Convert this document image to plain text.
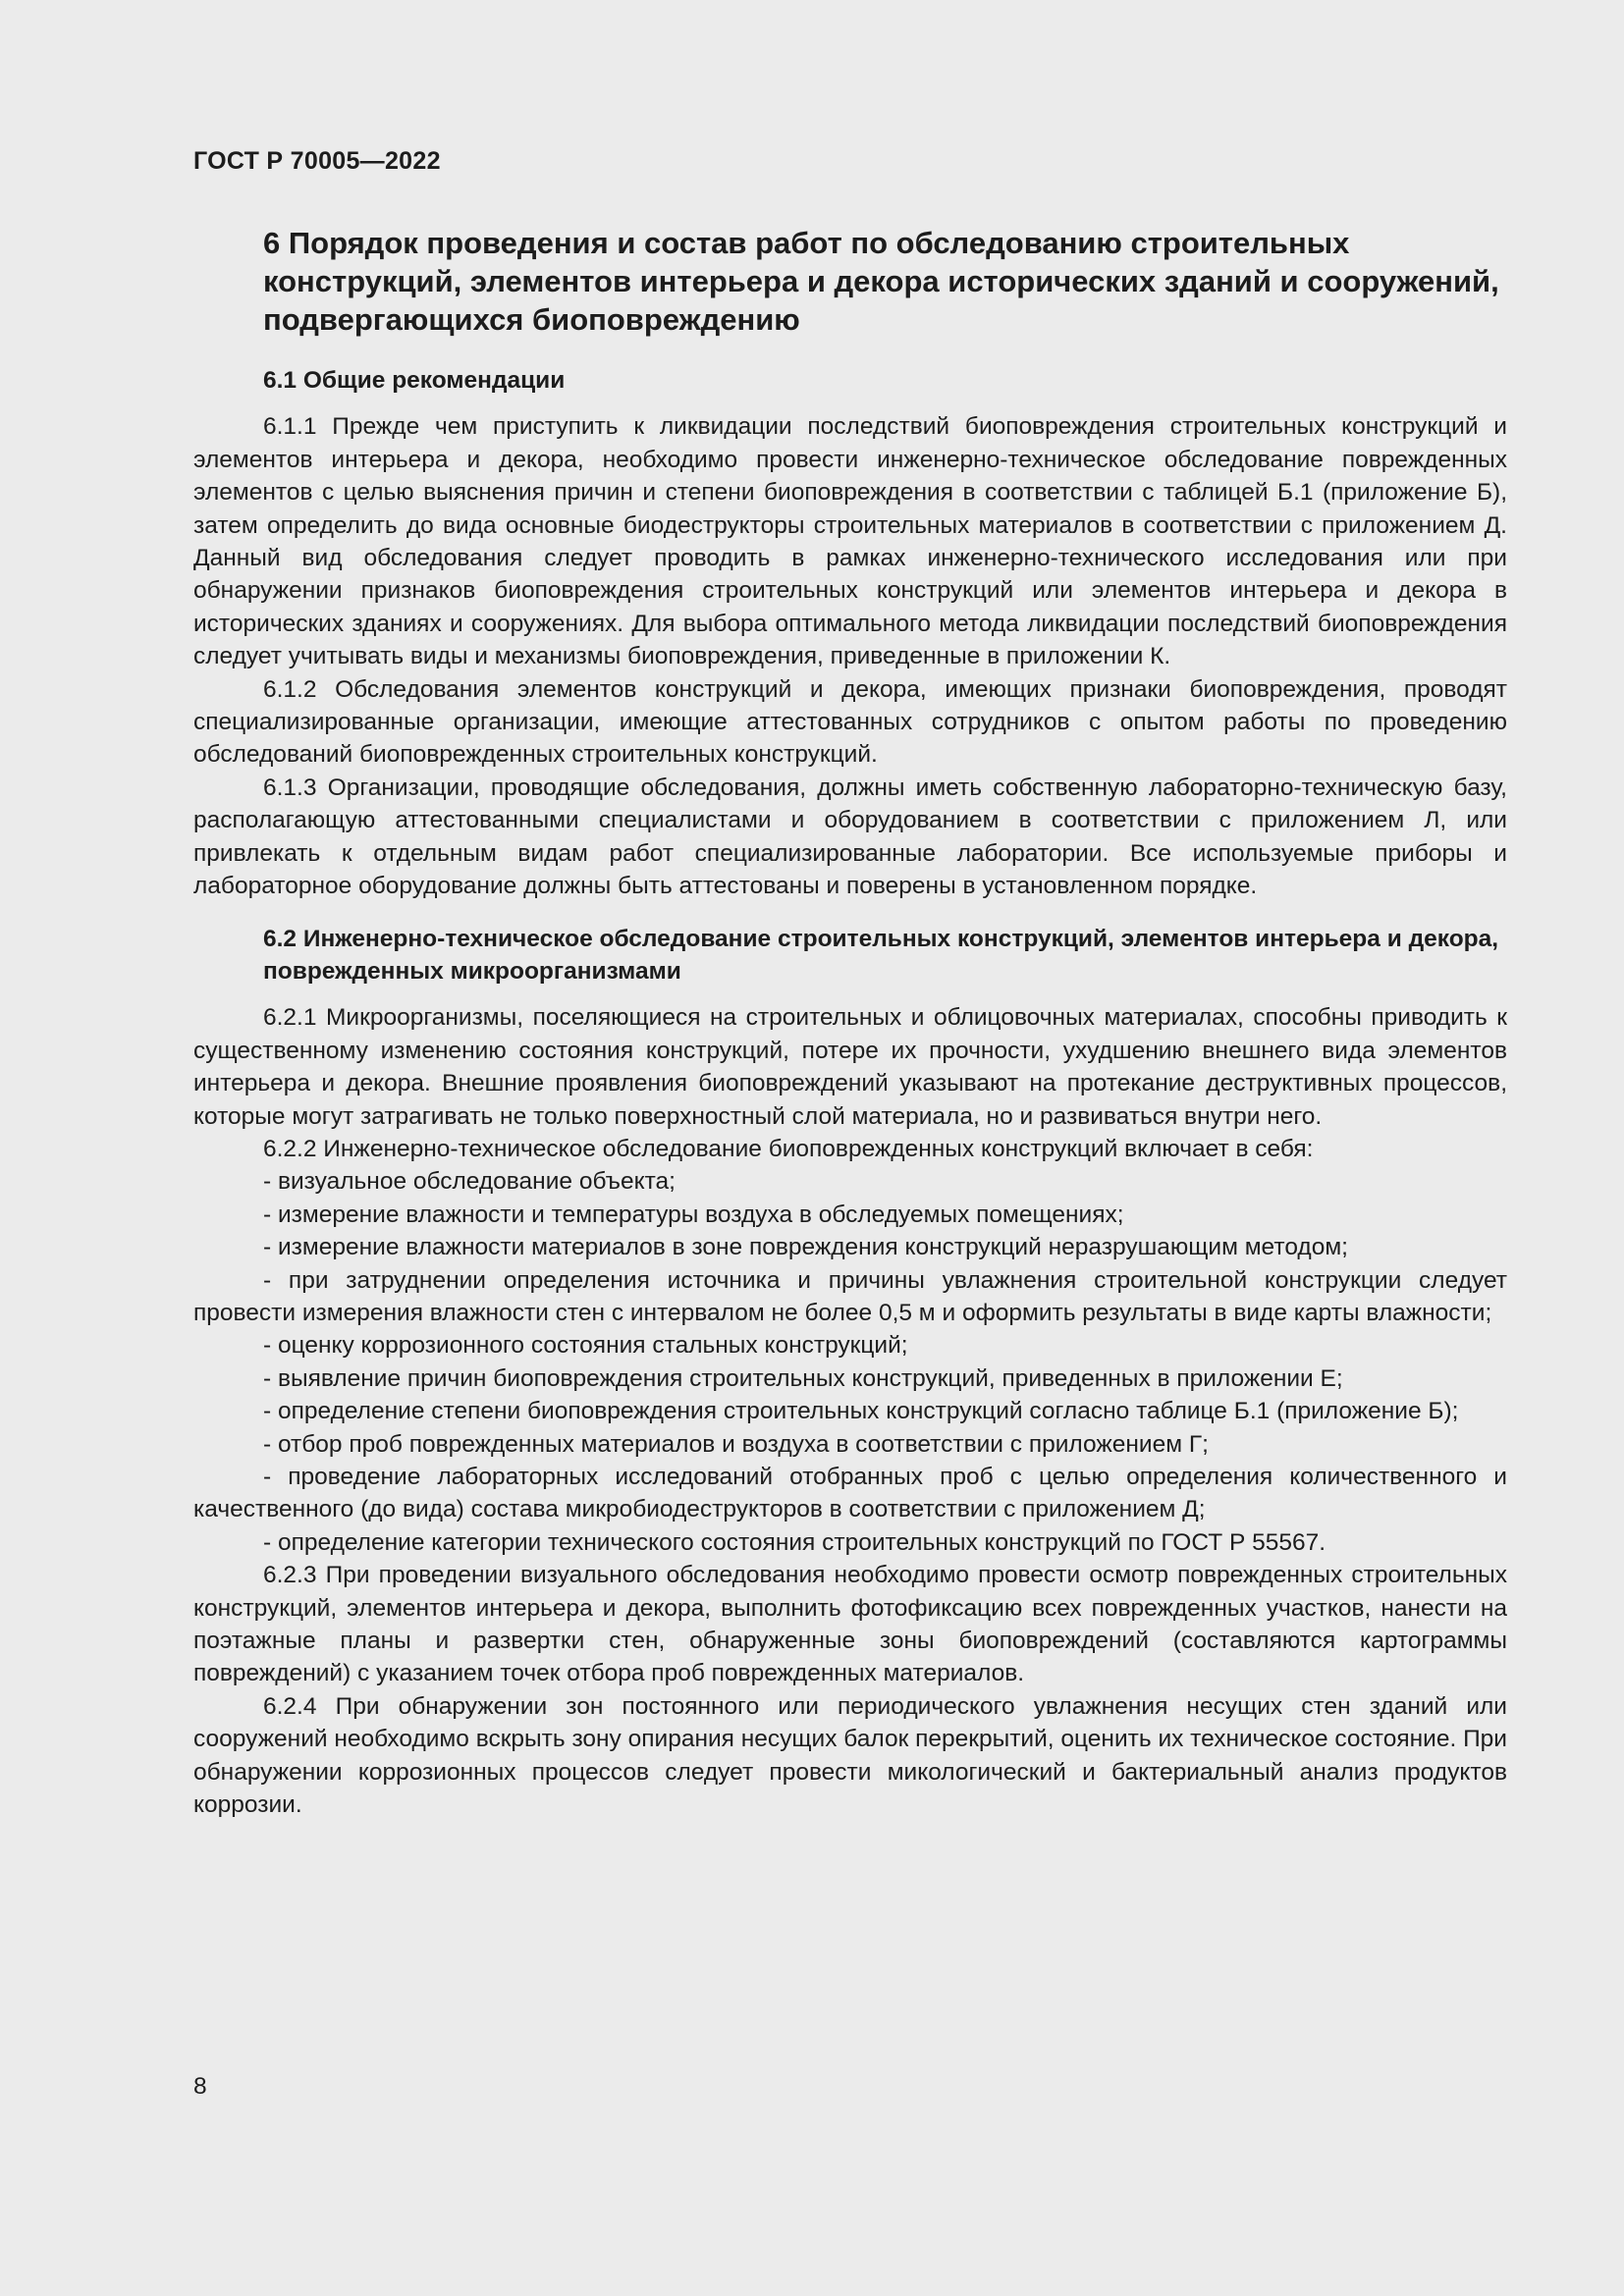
ГОСТ Р 70005—2022
6 Порядок проведения и состав работ по обследованию строительных конструкций, элементов интерьера и декора исторических зданий и сооружений, подвергающихся биоповреждению
6.1 Общие рекомендации

6.1.1 Прежде чем приступить к ликвидации последствий биоповреждения строительных конструкций и элементов интерьера и декора, необходимо провести инженерно-техническое обследование поврежденных элементов с целью выяснения причин и степени биоповреждения в соответствии с таблицей Б.1 (приложение Б), затем определить до вида основные биодеструкторы строительных материалов в соответствии с приложением Д. Данный вид обследования следует проводить в рамках инженерно-технического исследования или при обнаружении признаков биоповреждения строительных конструкций или элементов интерьера и декора в исторических зданиях и сооружениях. Для выбора оптимального метода ликвидации последствий биоповреждения следует учитывать виды и механизмы биоповреждения, приведенные в приложении К.

6.1.2 Обследования элементов конструкций и декора, имеющих признаки биоповреждения, проводят специализированные организации, имеющие аттестованных сотрудников с опытом работы по проведению обследований биоповрежденных строительных конструкций.

6.1.3 Организации, проводящие обследования, должны иметь собственную лабораторно-техническую базу, располагающую аттестованными специалистами и оборудованием в соответствии с приложением Л, или привлекать к отдельным видам работ специализированные лаборатории. Все используемые приборы и лабораторное оборудование должны быть аттестованы и поверены в установленном порядке.

6.2 Инженерно-техническое обследование строительных конструкций, элементов интерьера и декора, поврежденных микроорганизмами

6.2.1 Микроорганизмы, поселяющиеся на строительных и облицовочных материалах, способны приводить к существенному изменению состояния конструкций, потере их прочности, ухудшению внешнего вида элементов интерьера и декора. Внешние проявления биоповреждений указывают на протекание деструктивных процессов, которые могут затрагивать не только поверхностный слой материала, но и развиваться внутри него.

6.2.2 Инженерно-техническое обследование биоповрежденных конструкций включает в себя:

- визуальное обследование объекта;

- измерение влажности и температуры воздуха в обследуемых помещениях;

- измерение влажности материалов в зоне повреждения конструкций неразрушающим методом;

- при затруднении определения источника и причины увлажнения строительной конструкции следует провести измерения влажности стен с интервалом не более 0,5 м и оформить результаты в виде карты влажности;

- оценку коррозионного состояния стальных конструкций;

- выявление причин биоповреждения строительных конструкций, приведенных в приложении Е;

- определение степени биоповреждения строительных конструкций согласно таблице Б.1 (приложение Б);

- отбор проб поврежденных материалов и воздуха в соответствии с приложением Г;

- проведение лабораторных исследований отобранных проб с целью определения количественного и качественного (до вида) состава микробиодеструкторов в соответствии с приложением Д;

- определение категории технического состояния строительных конструкций по ГОСТ Р 55567.

6.2.3 При проведении визуального обследования необходимо провести осмотр поврежденных строительных конструкций, элементов интерьера и декора, выполнить фотофиксацию всех поврежденных участков, нанести на поэтажные планы и развертки стен, обнаруженные зоны биоповреждений (составляются картограммы повреждений) с указанием точек отбора проб поврежденных материалов.

6.2.4 При обнаружении зон постоянного или периодического увлажнения несущих стен зданий или сооружений необходимо вскрыть зону опирания несущих балок перекрытий, оценить их техническое состояние. При обнаружении коррозионных процессов следует провести микологический и бактериальный анализ продуктов коррозии.

8
